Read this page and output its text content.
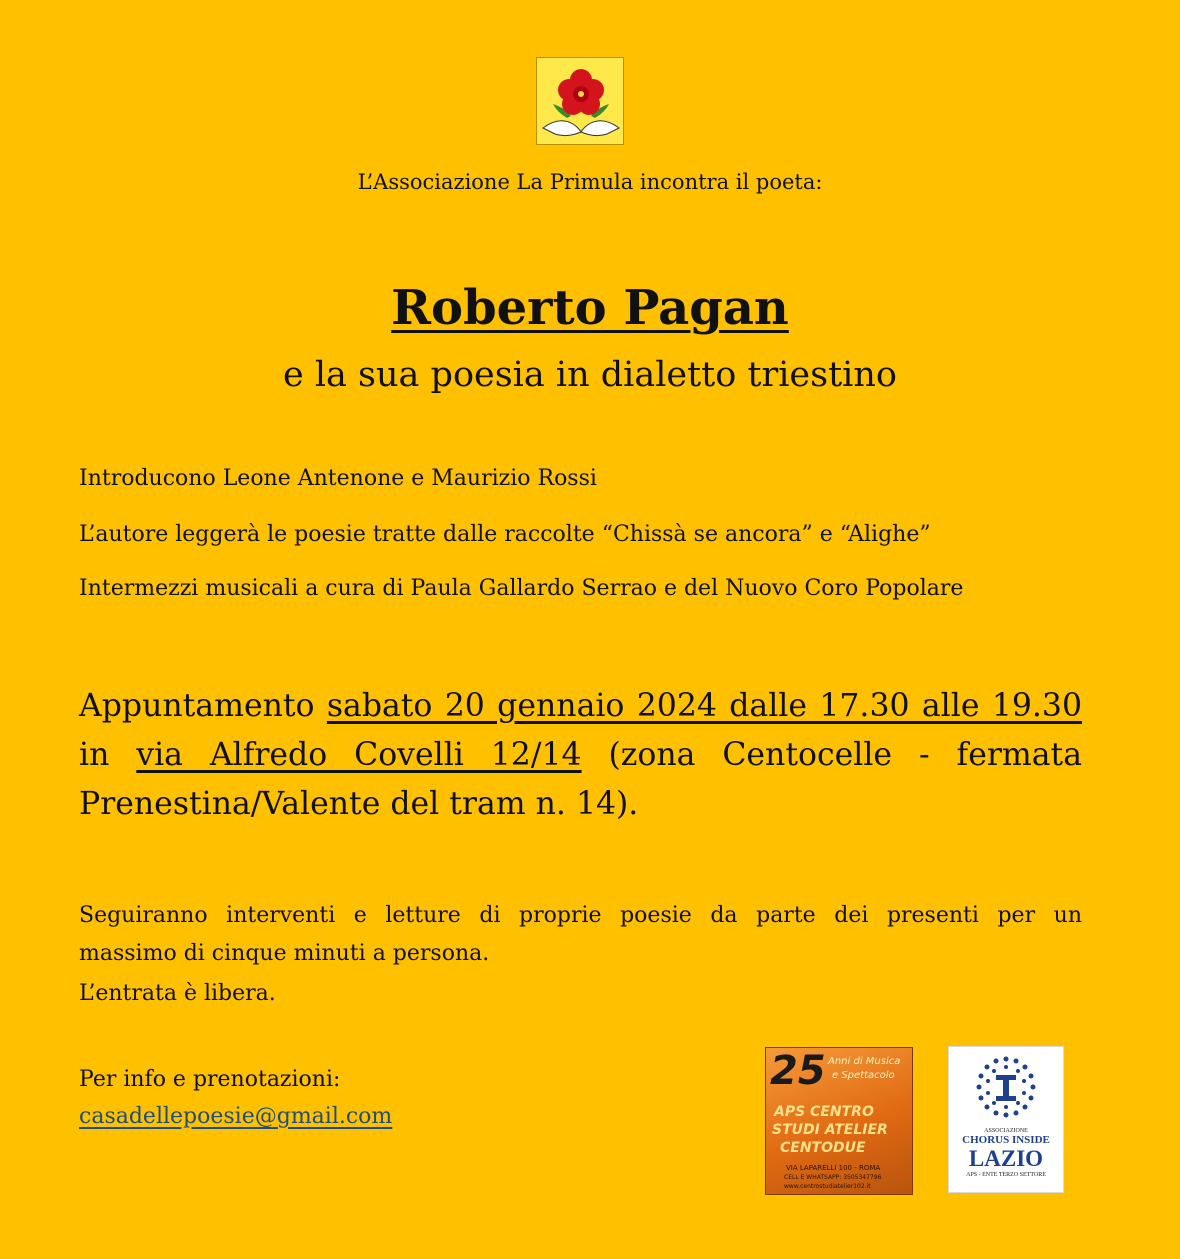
L’Associazione La Primula incontra il poeta:
Roberto Pagan
e la sua poesia in dialetto triestino
Introducono Leone Antenone e Maurizio Rossi
L’autore leggerà le poesie tratte dalle raccolte “Chissà se ancora” e “Alighe”
Intermezzi musicali a cura di Paula Gallardo Serrao e del Nuovo Coro Popolare
Appuntamento sabato 20 gennaio 2024 dalle 17.30 alle 19.30
in via Alfredo Covelli 12/14 (zona Centocelle - fermata
Prenestina/Valente del tram n. 14).
Seguiranno interventi e letture di proprie poesie da parte dei presenti per un
massimo di cinque minuti a persona.
L’entrata è libera.
Per info e prenotazioni:
casadellepoesie@gmail.com
25 Anni di Musica
e Spettacolo
APS CENTRO
STUDI ATELIER
CENTODUE
VIA LAPARELLI 100 - ROMA
CELL E WHATSAPP: 3505347796
www.centrostudiatelier102.it
ASSOCIAZIONE
CHORUS INSIDE
LAZIO
APS - ENTE TERZO SETTORE
